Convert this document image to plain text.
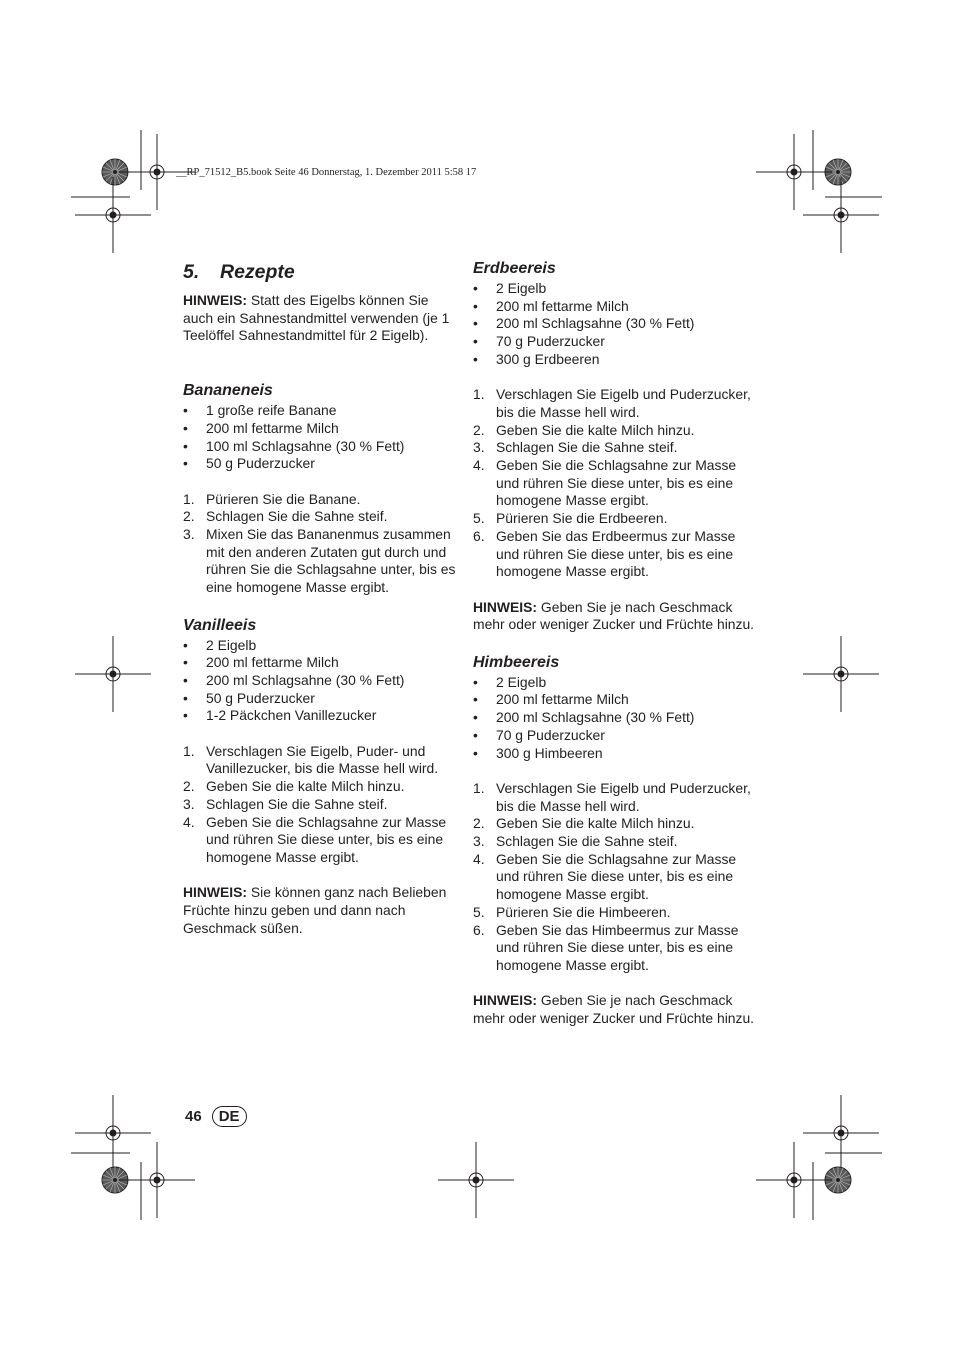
__RP_71512_B5.book Seite 46 Donnerstag, 1. Dezember 2011 5:58 17
5. Rezepte

HINWEIS: Statt des Eigelbs können Sie auch ein Sahnestandmittel verwenden (je 1 Teelöffel Sahnestandmittel für 2 Eigelb).

Bananeneis
•	1 große reife Banane
•	200 ml fettarme Milch
•	100 ml Schlagsahne (30 % Fett)
•	50 g Puderzucker
1. Pürieren Sie die Banane.
2. Schlagen Sie die Sahne steif.
3. Mixen Sie das Bananenmus zusammen mit den anderen Zutaten gut durch und rühren Sie die Schlagsahne unter, bis es eine homogene Masse ergibt.
Vanilleeis
•	2 Eigelb
•	200 ml fettarme Milch
•	200 ml Schlagsahne (30 % Fett)
•	50 g Puderzucker
•	1-2 Päckchen Vanillezucker
1. Verschlagen Sie Eigelb, Puder- und Vanillezucker, bis die Masse hell wird.
2. Geben Sie die kalte Milch hinzu.
3. Schlagen Sie die Sahne steif.
4. Geben Sie die Schlagsahne zur Masse und rühren Sie diese unter, bis es eine homogene Masse ergibt.

HINWEIS: Sie können ganz nach Belieben Früchte hinzu geben und dann nach Geschmack süßen.

Erdbeereis
•	2 Eigelb
•	200 ml fettarme Milch
•	200 ml Schlagsahne (30 % Fett)
•	70 g Puderzucker
•	300 g Erdbeeren
1. Verschlagen Sie Eigelb und Puderzucker, bis die Masse hell wird.
2. Geben Sie die kalte Milch hinzu.
3. Schlagen Sie die Sahne steif.
4. Geben Sie die Schlagsahne zur Masse und rühren Sie diese unter, bis es eine homogene Masse ergibt.
5. Pürieren Sie die Erdbeeren.
6. Geben Sie das Erdbeermus zur Masse und rühren Sie diese unter, bis es eine homogene Masse ergibt.

HINWEIS: Geben Sie je nach Geschmack mehr oder weniger Zucker und Früchte hinzu.

Himbeereis
•	2 Eigelb
•	200 ml fettarme Milch
•	200 ml Schlagsahne (30 % Fett)
•	70 g Puderzucker
•	300 g Himbeeren
1. Verschlagen Sie Eigelb und Puderzucker, bis die Masse hell wird.
2. Geben Sie die kalte Milch hinzu.
3. Schlagen Sie die Sahne steif.
4. Geben Sie die Schlagsahne zur Masse und rühren Sie diese unter, bis es eine homogene Masse ergibt.
5. Pürieren Sie die Himbeeren.
6. Geben Sie das Himbeermus zur Masse und rühren Sie diese unter, bis es eine homogene Masse ergibt.

HINWEIS: Geben Sie je nach Geschmack mehr oder weniger Zucker und Früchte hinzu.

46	DE
